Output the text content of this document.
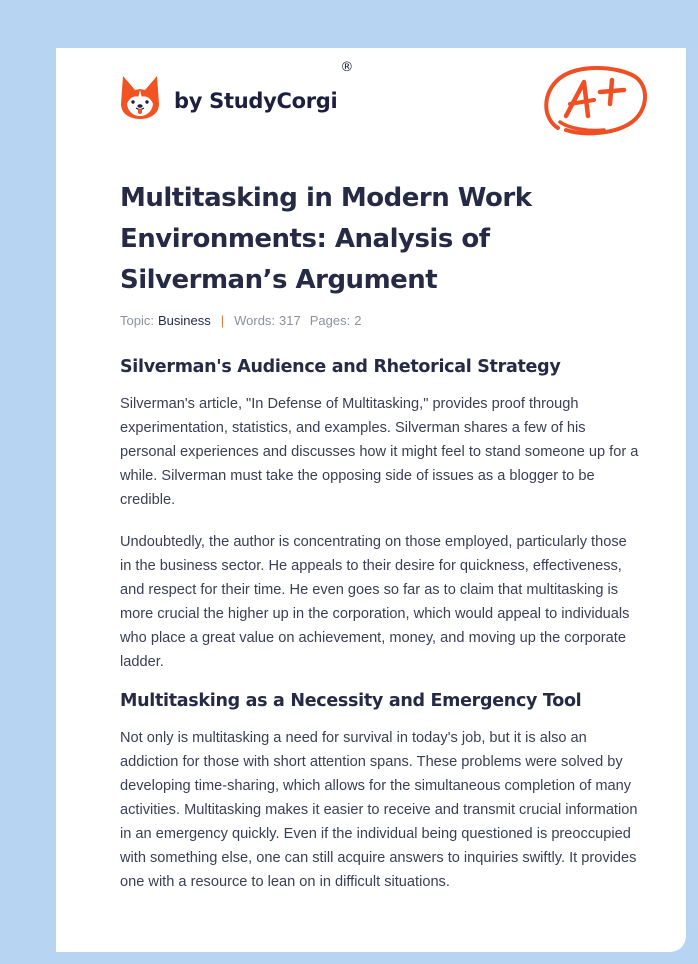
by StudyCorgi
®
Multitasking in Modern Work Environments: Analysis of Silverman’s Argument
Topic: Business | Words: 317 Pages: 2
Silverman's Audience and Rhetorical Strategy

Silverman's article, "In Defense of Multitasking," provides proof through experimentation, statistics, and examples. Silverman shares a few of his personal experiences and discusses how it might feel to stand someone up for a while. Silverman must take the opposing side of issues as a blogger to be credible.

Undoubtedly, the author is concentrating on those employed, particularly those in the business sector. He appeals to their desire for quickness, effectiveness, and respect for their time. He even goes so far as to claim that multitasking is more crucial the higher up in the corporation, which would appeal to individuals who place a great value on achievement, money, and moving up the corporate ladder.

Multitasking as a Necessity and Emergency Tool

Not only is multitasking a need for survival in today's job, but it is also an addiction for those with short attention spans. These problems were solved by developing time-sharing, which allows for the simultaneous completion of many activities. Multitasking makes it easier to receive and transmit crucial information in an emergency quickly. Even if the individual being questioned is preoccupied with something else, one can still acquire answers to inquiries swiftly. It provides one with a resource to lean on in difficult situations.
